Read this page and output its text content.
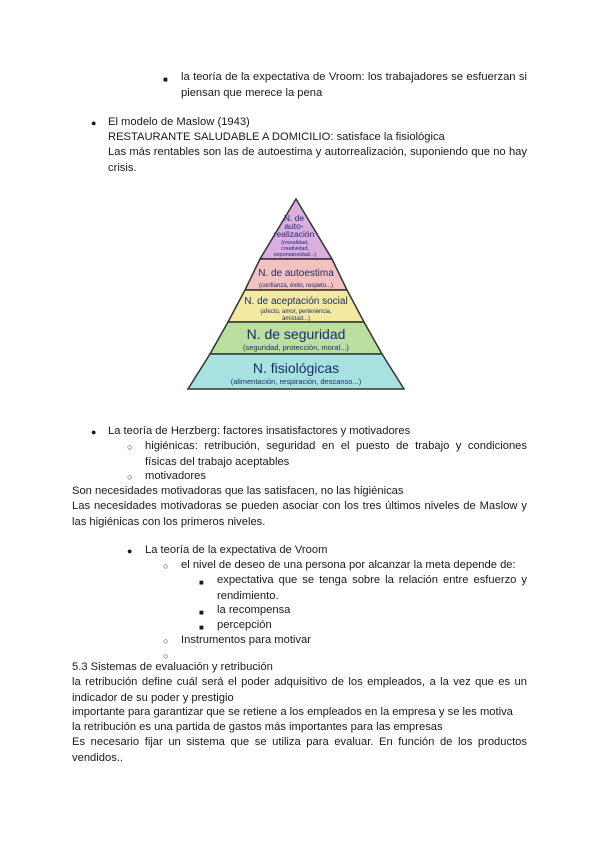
■ la teoría de la expectativa de Vroom: los trabajadores se esfuerzan si piensan que merece la pena
● El modelo de Maslow (1943)
RESTAURANTE SALUDABLE A DOMICILIO: satisface la fisiológica
Las más rentables son las de autoestima y autorrealización, suponiendo que no hay crisis.
N. de
auto-
realización
(moralidad,
creatividad,
espontaneidad...)
N. de autoestima
(confianza, éxito, respeto...)
N. de aceptación social
(afecto, amor, pertenencia,
amistad...)
N. de seguridad
(seguridad, protección, moral...)
N. fisiológicas
(alimentación, respiración, descanso...)
● La teoría de Herzberg: factores insatisfactores y motivadores
○ higiénicas: retribución, seguridad en el puesto de trabajo y condiciones físicas del trabajo aceptables
○ motivadores
Son necesidades motivadoras que las satisfacen, no las higiénicas
Las necesidades motivadoras se pueden asociar con los tres últimos niveles de Maslow y las higiénicas con los primeros niveles.
● La teoría de la expectativa de Vroom
○ el nivel de deseo de una persona por alcanzar la meta depende de:
■ expectativa que se tenga sobre la relación entre esfuerzo y rendimiento.
■ la recompensa
■ percepción
○ Instrumentos para motivar
○
5.3 Sistemas de evaluación y retribución
la retribución define cuál será el poder adquisitivo de los empleados, a la vez que es un indicador de su poder y prestigio
importante para garantizar que se retiene a los empleados en la empresa y se les motiva
la retribución es una partida de gastos más importantes para las empresas
Es necesario fijar un sistema que se utiliza para evaluar. En función de los productos vendidos..
